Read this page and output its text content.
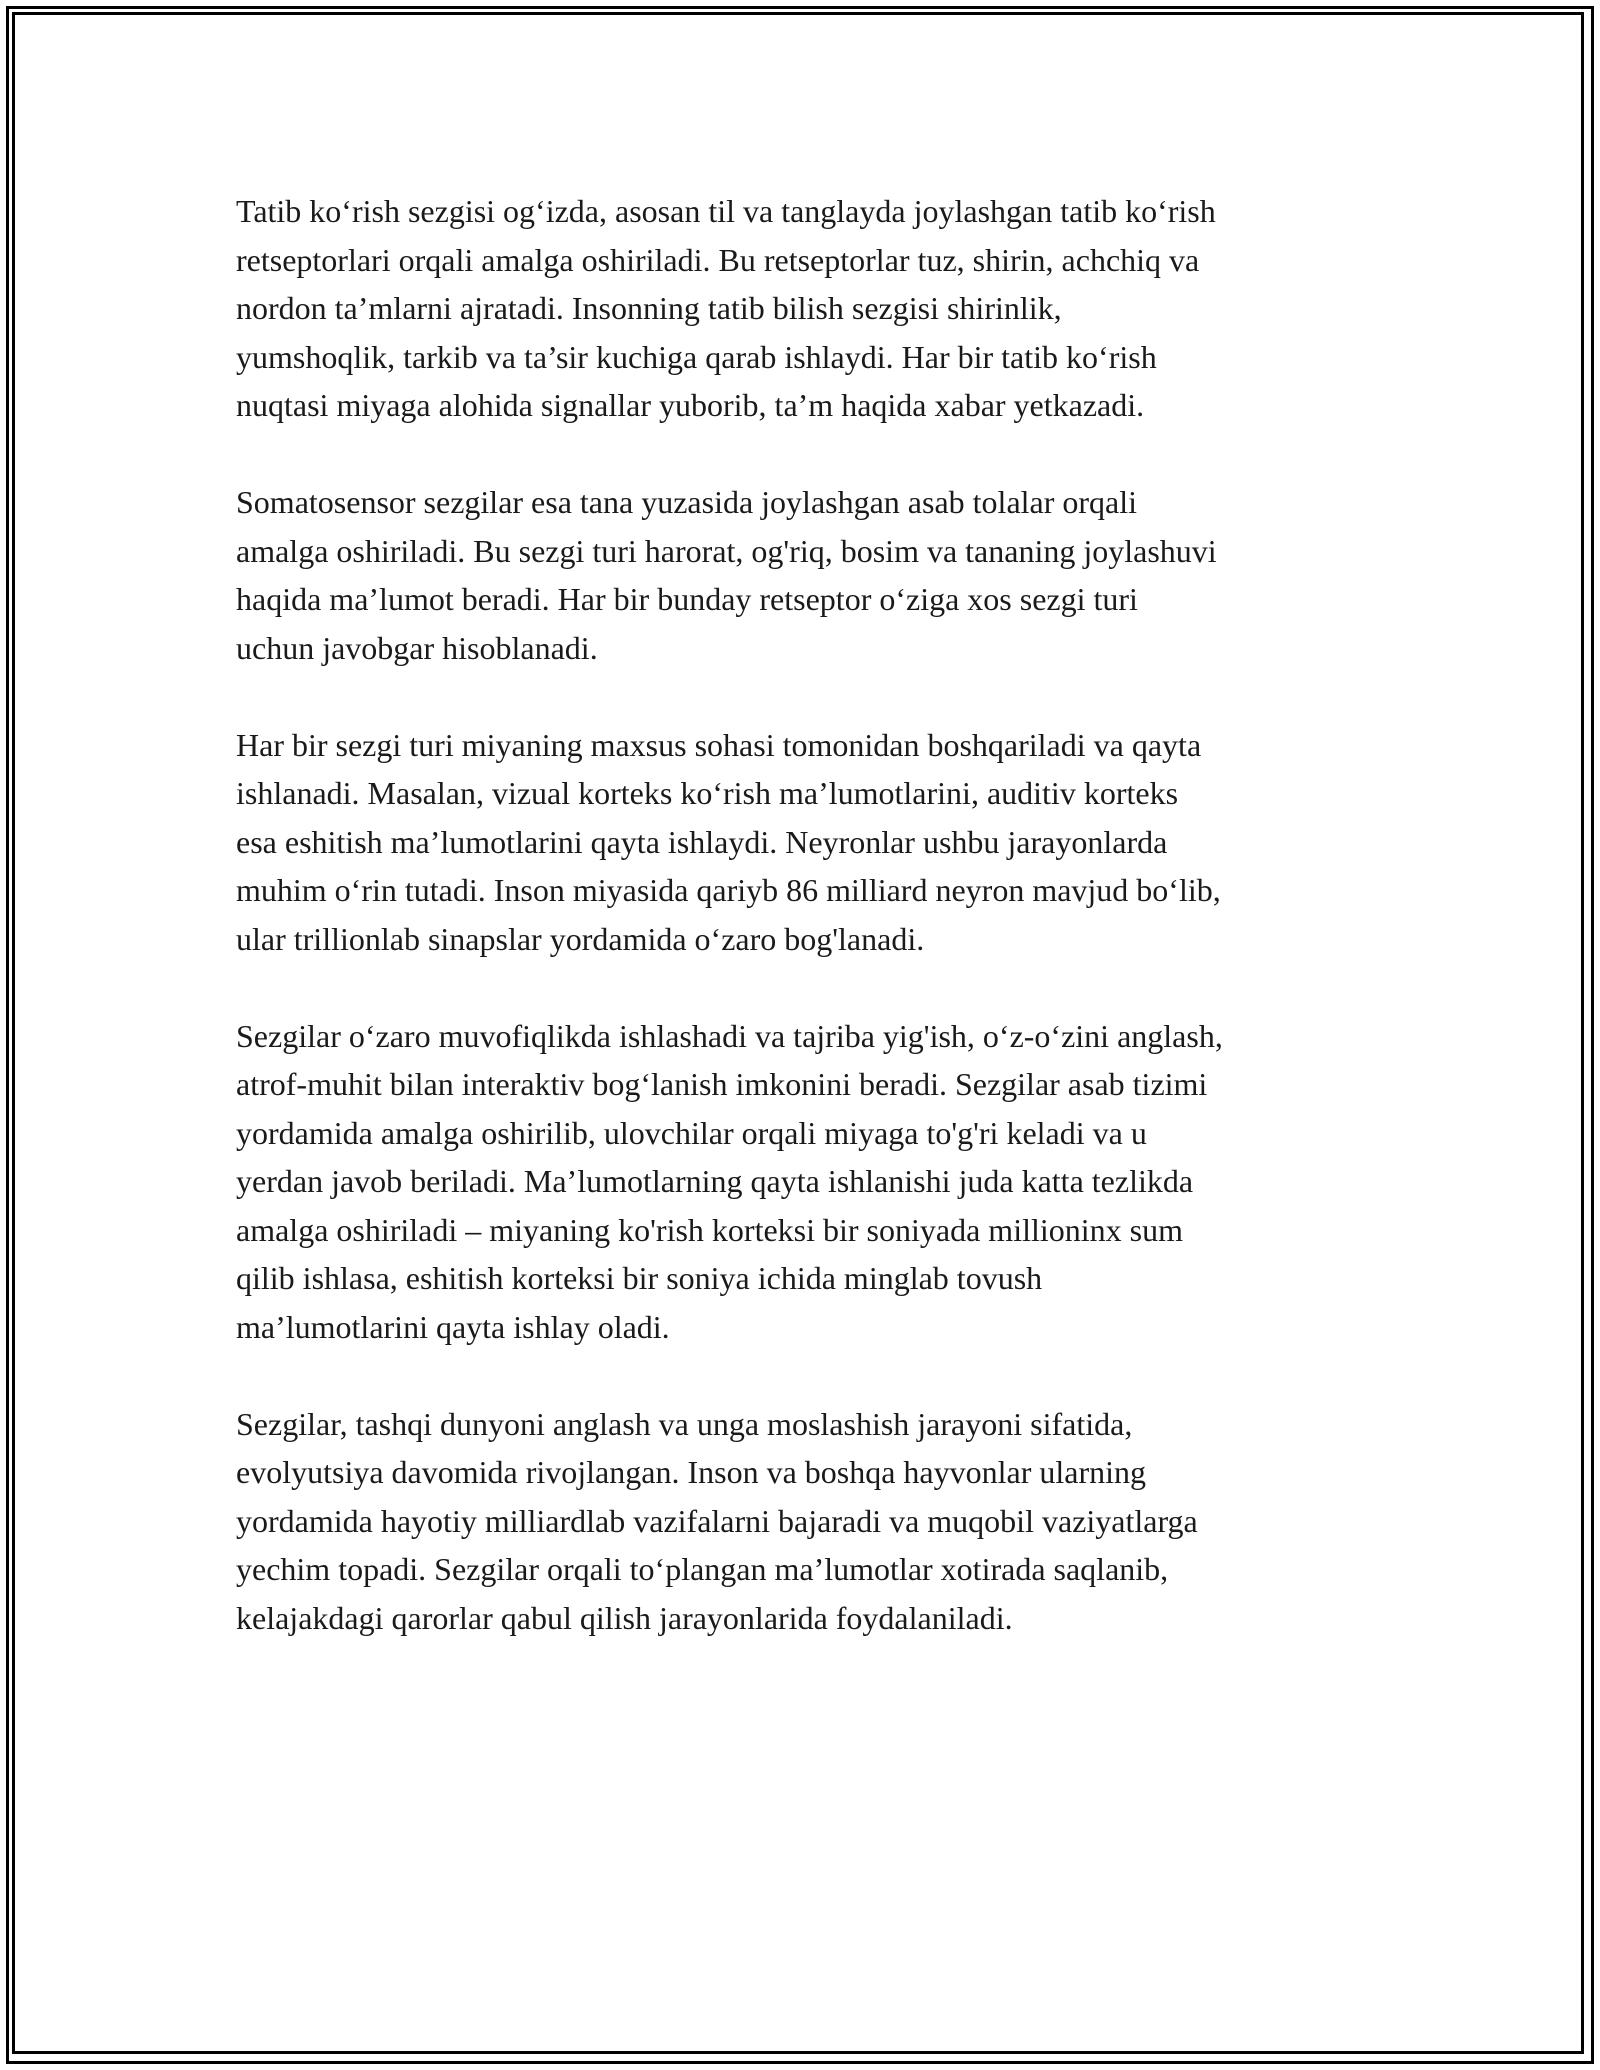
Tatib ko‘rish sezgisi og‘izda, asosan til va tanglayda joylashgan tatib ko‘rish
retseptorlari orqali amalga oshiriladi. Bu retseptorlar tuz, shirin, achchiq va
nordon ta’mlarni ajratadi. Insonning tatib bilish sezgisi shirinlik,
yumshoqlik, tarkib va ta’sir kuchiga qarab ishlaydi. Har bir tatib ko‘rish
nuqtasi miyaga alohida signallar yuborib, ta’m haqida xabar yetkazadi.

Somatosensor sezgilar esa tana yuzasida joylashgan asab tolalar orqali
amalga oshiriladi. Bu sezgi turi harorat, og'riq, bosim va tananing joylashuvi
haqida ma’lumot beradi. Har bir bunday retseptor o‘ziga xos sezgi turi
uchun javobgar hisoblanadi.

Har bir sezgi turi miyaning maxsus sohasi tomonidan boshqariladi va qayta
ishlanadi. Masalan, vizual korteks ko‘rish ma’lumotlarini, auditiv korteks
esa eshitish ma’lumotlarini qayta ishlaydi. Neyronlar ushbu jarayonlarda
muhim o‘rin tutadi. Inson miyasida qariyb 86 milliard neyron mavjud bo‘lib,
ular trillionlab sinapslar yordamida o‘zaro bog'lanadi.

Sezgilar o‘zaro muvofiqlikda ishlashadi va tajriba yig'ish, o‘z-o‘zini anglash,
atrof-muhit bilan interaktiv bog‘lanish imkonini beradi. Sezgilar asab tizimi
yordamida amalga oshirilib, ulovchilar orqali miyaga to'g'ri keladi va u
yerdan javob beriladi. Ma’lumotlarning qayta ishlanishi juda katta tezlikda
amalga oshiriladi – miyaning ko'rish korteksi bir soniyada millioninx sum
qilib ishlasa, eshitish korteksi bir soniya ichida minglab tovush
ma’lumotlarini qayta ishlay oladi.

Sezgilar, tashqi dunyoni anglash va unga moslashish jarayoni sifatida,
evolyutsiya davomida rivojlangan. Inson va boshqa hayvonlar ularning
yordamida hayotiy milliardlab vazifalarni bajaradi va muqobil vaziyatlarga
yechim topadi. Sezgilar orqali to‘plangan ma’lumotlar xotirada saqlanib,
kelajakdagi qarorlar qabul qilish jarayonlarida foydalaniladi.
